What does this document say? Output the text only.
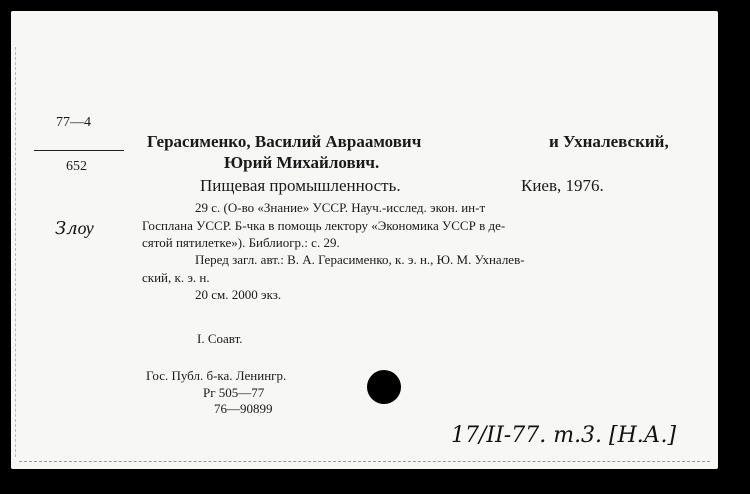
77—4
652
Герасименко, Василий Авраамович	и Ухналевский,
Юрий Михайлович.
Пищевая промышленность.	Киев, 1976.
29 с. (О-во «Знание» УССР. Науч.-исслед. экон. ин-т
Госплана УССР. Б-чка в помощь лектору «Экономика УССР в де-
сятой пятилетке»). Библиогр.: с. 29.
Перед загл. авт.: В. А. Герасименко, к. э. н., Ю. М. Ухналев-
ский, к. э. н.
20 см. 2000 экз.
I. Соавт.
Гос. Публ. б-ка. Ленингр.
Рг 505—77
76—90899
Злѹ
17/II-77. т.3. [Н.А.]
